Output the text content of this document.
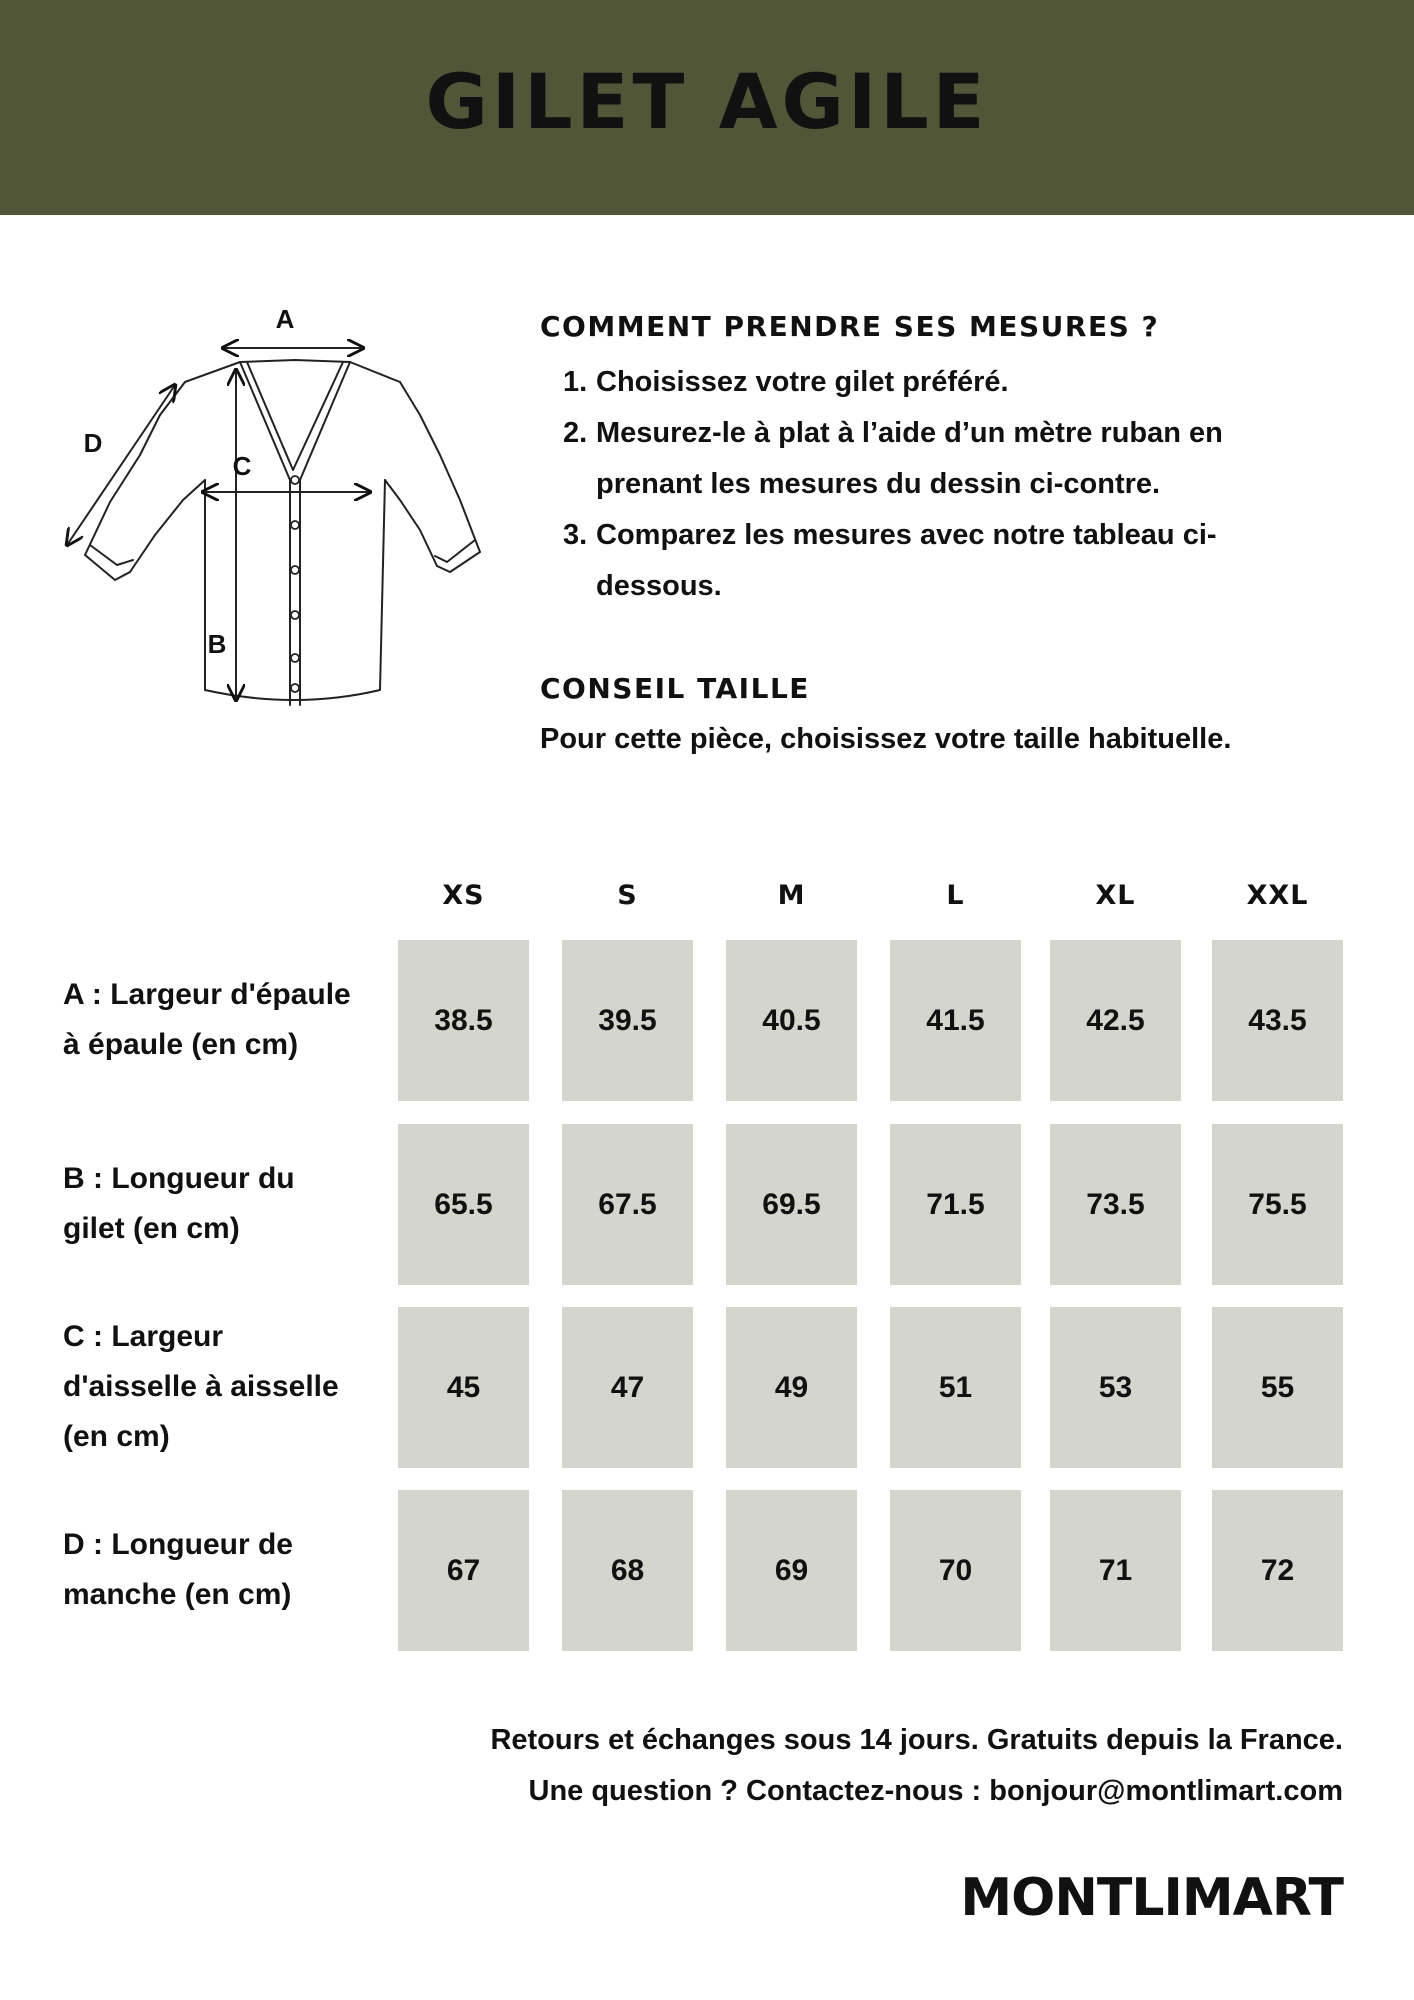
GILET AGILE
A
C
B
D
COMMENT PRENDRE SES MESURES ?
1. Choisissez votre gilet préféré.
2. Mesurez-le à plat à l’aide d’un mètre ruban en
prenant les mesures du dessin ci-contre.
3. Comparez les mesures avec notre tableau ci-
dessous.
CONSEIL TAILLE

Pour cette pièce, choisissez votre taille habituelle.

XS	S	M	L	XL	XXL
A : Largeur d'épaule
à épaule (en cm)
38.5	39.5	40.5	41.5	42.5	43.5
B : Longueur du
gilet (en cm)
65.5	67.5	69.5	71.5	73.5	75.5
C : Largeur
d'aisselle à aisselle
(en cm)
45	47	49	51	53	55
D : Longueur de
manche (en cm)
67	68	69	70	71	72

Retours et échanges sous 14 jours. Gratuits depuis la France.

Une question ? Contactez-nous : bonjour@montlimart.com

MONTLIMART
